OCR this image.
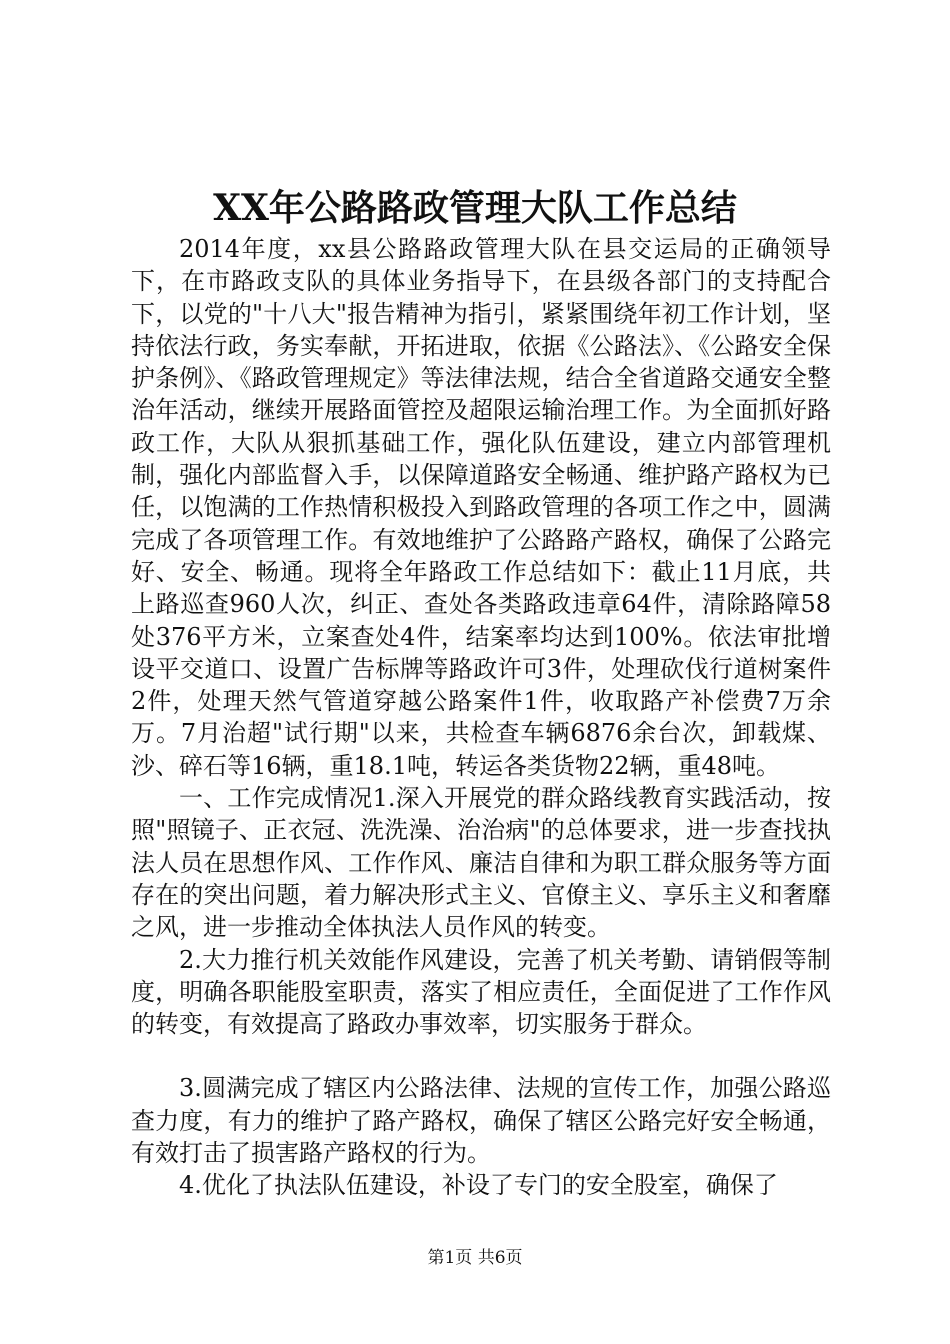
XX年公路路政管理大队工作总结

2014年度，xx县公路路政管理大队在县交运局的正确领导下，在市路政支队的具体业务指导下，在县级各部门的支持配合下，以党的"十八大"报告精神为指引，紧紧围绕年初工作计划，坚持依法行政，务实奉献，开拓进取，依据《公路法》、《公路安全保护条例》、《路政管理规定》等法律法规，结合全省道路交通安全整治年活动，继续开展路面管控及超限运输治理工作。为全面抓好路政工作，大队从狠抓基础工作，强化队伍建设，建立内部管理机制，强化内部监督入手，以保障道路安全畅通、维护路产路权为已任，以饱满的工作热情积极投入到路政管理的各项工作之中，圆满完成了各项管理工作。有效地维护了公路路产路权，确保了公路完好、安全、畅通。现将全年路政工作总结如下：截止11月底，共上路巡查960人次，纠正、查处各类路政违章64件，清除路障58处376平方米，立案查处4件，结案率均达到100%。依法审批增设平交道口、设置广告标牌等路政许可3件，处理砍伐行道树案件2件，处理天然气管道穿越公路案件1件，收取路产补偿费7万余万。7月治超"试行期"以来，共检查车辆6876余台次，卸载煤、沙、碎石等16辆，重18.1吨，转运各类货物22辆，重48吨。

一、工作完成情况1.深入开展党的群众路线教育实践活动，按照"照镜子、正衣冠、洗洗澡、治治病"的总体要求，进一步查找执法人员在思想作风、工作作风、廉洁自律和为职工群众服务等方面存在的突出问题，着力解决形式主义、官僚主义、享乐主义和奢靡之风，进一步推动全体执法人员作风的转变。

2.大力推行机关效能作风建设，完善了机关考勤、请销假等制度，明确各职能股室职责，落实了相应责任，全面促进了工作作风的转变，有效提高了路政办事效率，切实服务于群众。

3.圆满完成了辖区内公路法律、法规的宣传工作，加强公路巡查力度，有力的维护了路产路权，确保了辖区公路完好安全畅通，有效打击了损害路产路权的行为。

4.优化了执法队伍建设，补设了专门的安全股室，确保了

第1页 共6页
